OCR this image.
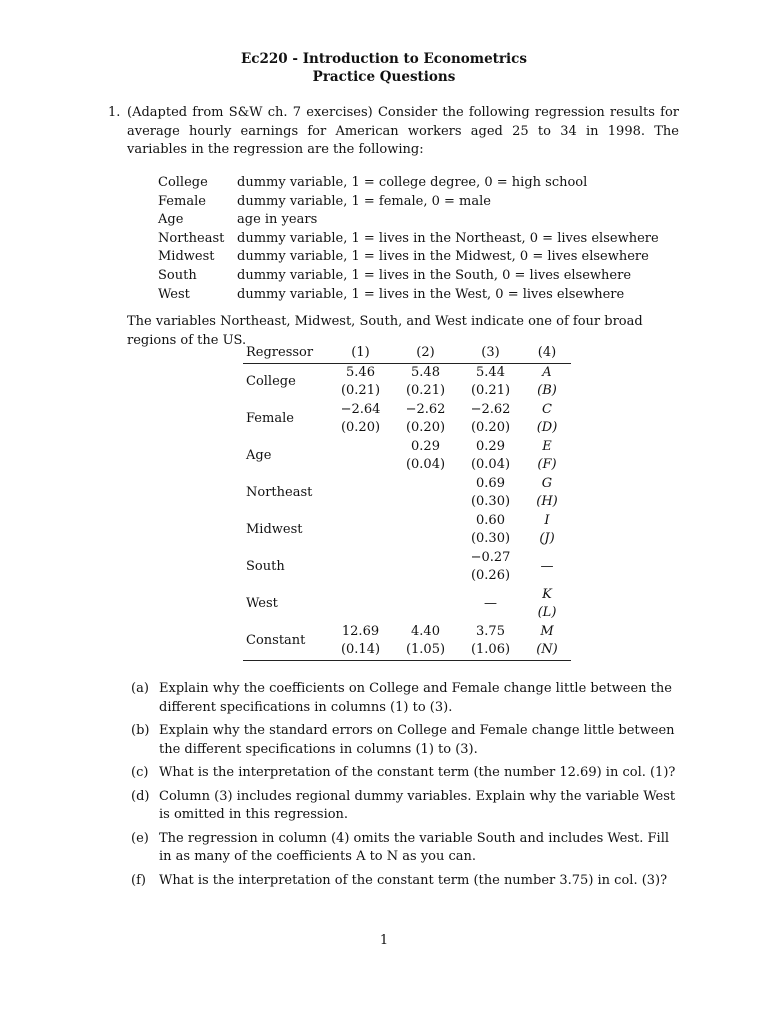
Ec220 - Introduction to Econometrics
Practice Questions
1. (Adapted from S&W ch. 7 exercises) Consider the following regression results for average hourly earnings for American workers aged 25 to 34 in 1998. The variables in the regression are the following:
College	dummy variable, 1 = college degree, 0 = high school
Female	dummy variable, 1 = female, 0 = male
Age	age in years
Northeast dummy variable, 1 = lives in the Northeast, 0 = lives elsewhere
Midwest	dummy variable, 1 = lives in the Midwest, 0 = lives elsewhere
South	dummy variable, 1 = lives in the South, 0 = lives elsewhere
West	dummy variable, 1 = lives in the West, 0 = lives elsewhere
The variables Northeast, Midwest, South, and West indicate one of four broad regions of the US.
Regressor	(1)	(2)	(3)	(4)
College	5.46	5.48	5.44	A
	(0.21)	(0.21)	(0.21)	(B)
Female	−2.64	−2.62	−2.62	C
	(0.20)	(0.20)	(0.20)	(D)
Age		0.29	0.29	E
		(0.04)	(0.04)	(F)
Northeast			0.69	G
			(0.30)	(H)
Midwest			0.60	I
			(0.30)	(J)
South			−0.27	—
			(0.26)	
West			—	K
				(L)
Constant	12.69	4.40	3.75	M
	(0.14)	(1.05)	(1.06)	(N)
(a) Explain why the coefficients on College and Female change little between the different specifications in columns (1) to (3).
(b) Explain why the standard errors on College and Female change little between the different specifications in columns (1) to (3).
(c) What is the interpretation of the constant term (the number 12.69) in col. (1)?
(d) Column (3) includes regional dummy variables. Explain why the variable West is omitted in this regression.
(e) The regression in column (4) omits the variable South and includes West. Fill in as many of the coefficients A to N as you can.
(f) What is the interpretation of the constant term (the number 3.75) in col. (3)?
1
